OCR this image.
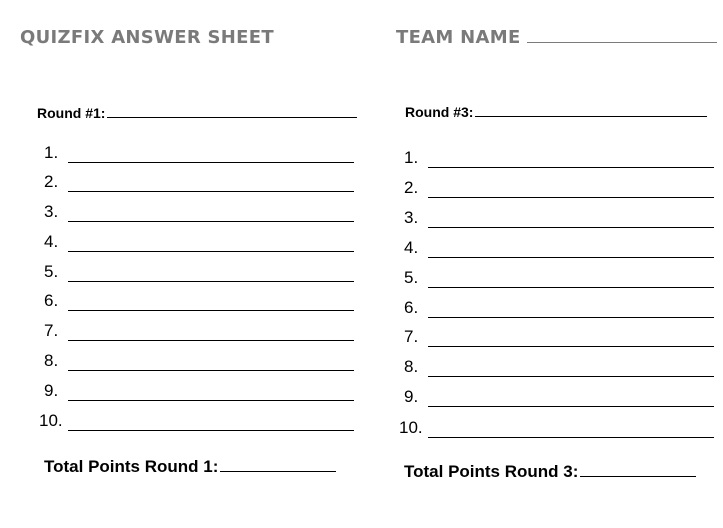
QUIZFIX ANSWER SHEET	TEAM NAME
Round #1:
1.
2.
3.
4.
5.
6.
7.
8.
9.
10.
Total Points Round 1:
Round #3:
1.
2.
3.
4.
5.
6.
7.
8.
9.
10.
Total Points Round 3:
